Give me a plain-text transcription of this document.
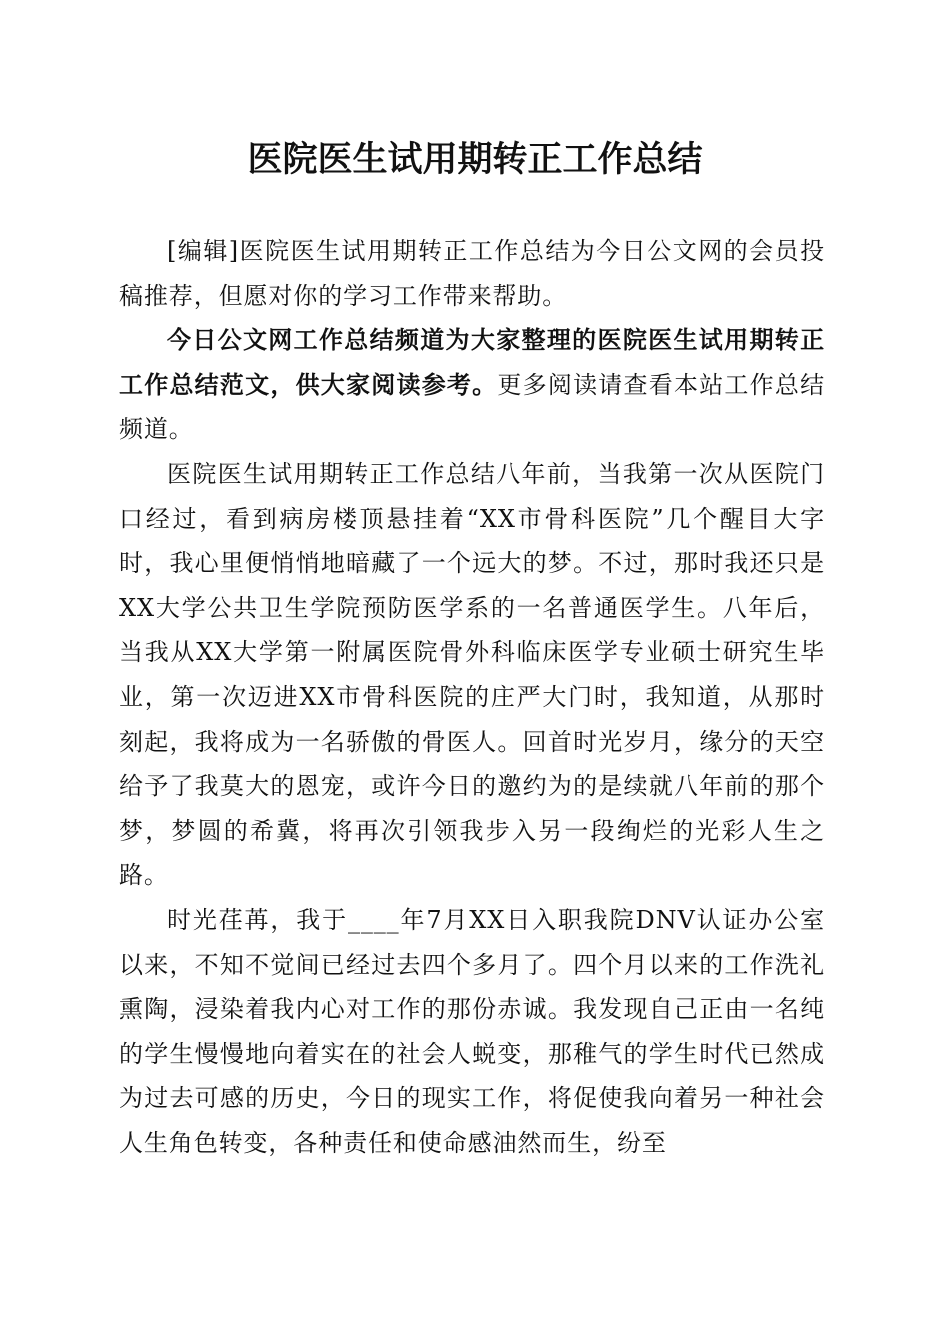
医院医生试用期转正工作总结

[编辑]医院医生试用期转正工作总结为今日公文网的会员投稿推荐，但愿对你的学习工作带来帮助。

今日公文网工作总结频道为大家整理的医院医生试用期转正工作总结范文，供大家阅读参考。更多阅读请查看本站工作总结频道。

医院医生试用期转正工作总结八年前，当我第一次从医院门口经过，看到病房楼顶悬挂着“XX市骨科医院”几个醒目大字时，我心里便悄悄地暗藏了一个远大的梦。不过，那时我还只是XX大学公共卫生学院预防医学系的一名普通医学生。八年后，当我从XX大学第一附属医院骨外科临床医学专业硕士研究生毕业，第一次迈进XX市骨科医院的庄严大门时，我知道，从那时刻起，我将成为一名骄傲的骨医人。回首时光岁月，缘分的天空给予了我莫大的恩宠，或许今日的邀约为的是续就八年前的那个梦，梦圆的希冀，将再次引领我步入另一段绚烂的光彩人生之路。

时光荏苒，我于____年7月XX日入职我院DNV认证办公室以来，不知不觉间已经过去四个多月了。四个月以来的工作洗礼熏陶，浸染着我内心对工作的那份赤诚。我发现自己正由一名纯的学生慢慢地向着实在的社会人蜕变，那稚气的学生时代已然成为过去可感的历史，今日的现实工作，将促使我向着另一种社会人生角色转变，各种责任和使命感油然而生，纷至
